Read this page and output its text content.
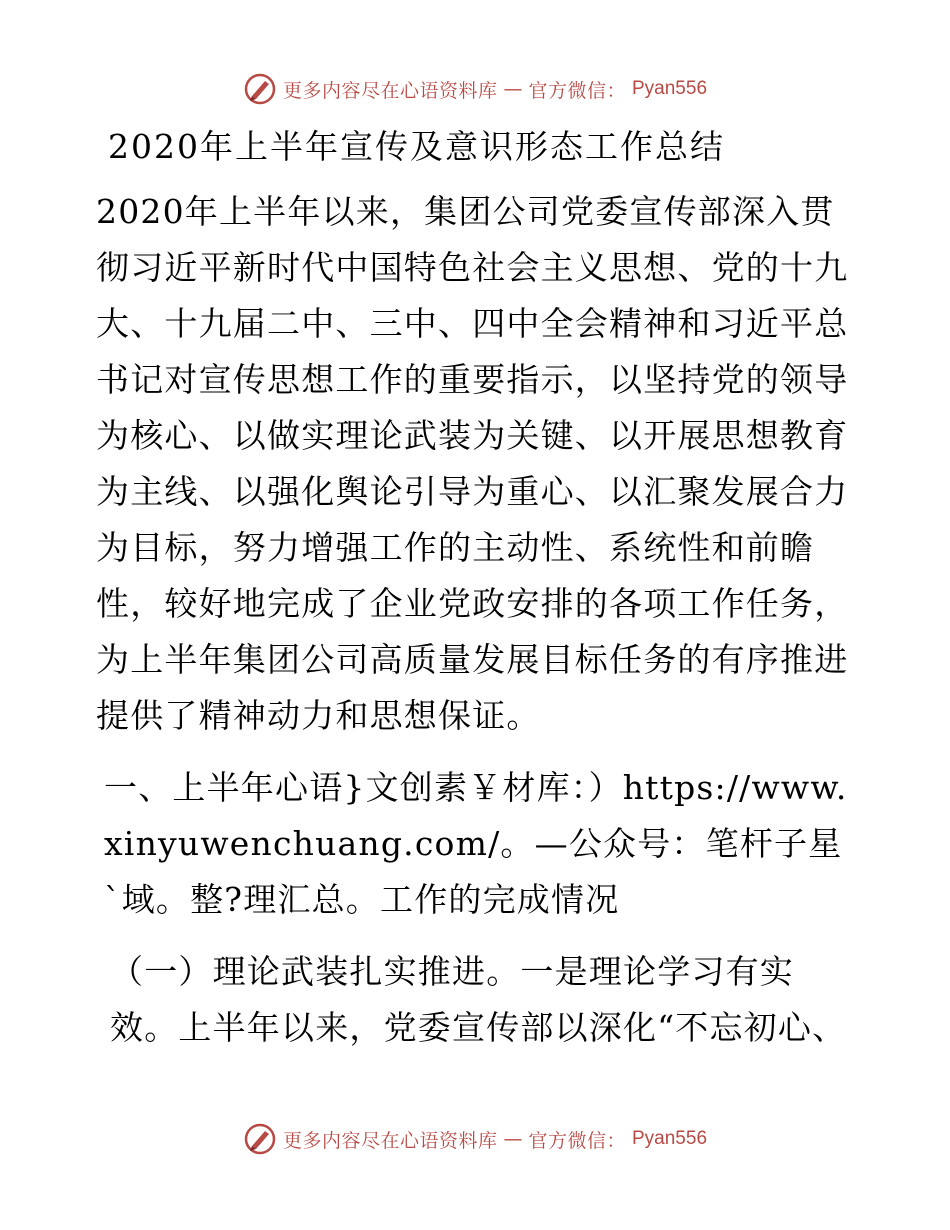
更多内容尽在心语资料库 — 官方微信： Pyan556
2020年上半年宣传及意识形态工作总结

2020年上半年以来，集团公司党委宣传部深入贯彻习近平新时代中国特色社会主义思想、党的十九大、十九届二中、三中、四中全会精神和习近平总书记对宣传思想工作的重要指示，以坚持党的领导为核心、以做实理论武装为关键、以开展思想教育为主线、以强化舆论引导为重心、以汇聚发展合力为目标，努力增强工作的主动性、系统性和前瞻性，较好地完成了企业党政安排的各项工作任务，为上半年集团公司高质量发展目标任务的有序推进提供了精神动力和思想保证。

一、上半年心语}文创素￥材库：）https://www.xinyuwenchuang.com/。—公众号：笔杆子星`域。整?理汇总。工作的完成情况

（一）理论武装扎实推进。一是理论学习有实效。上半年以来，党委宣传部以深化“不忘初心、

更多内容尽在心语资料库 — 官方微信： Pyan556
